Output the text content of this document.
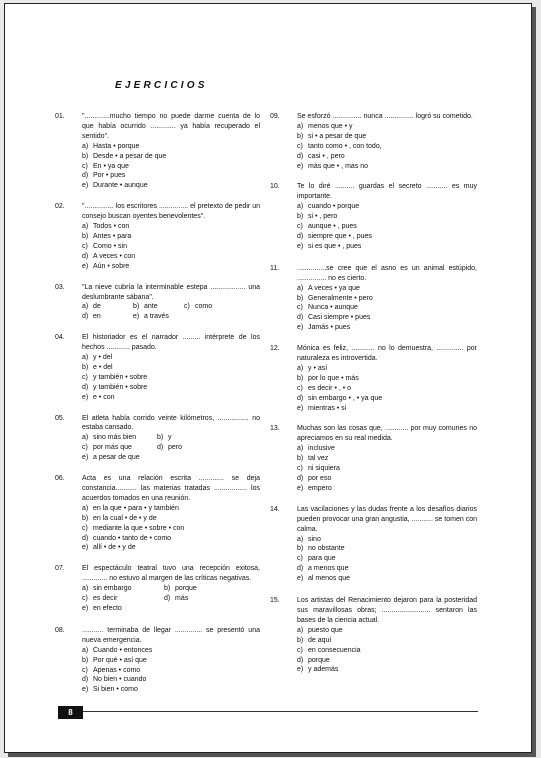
EJERCICIOS
01. ".............mucho tiempo no puede darme cuenta de lo que había ocurrido ............. ya había recuperado el sentido".
a) Hasta • porque
b) Desde • a pesar de que
c) En • ya que
d) Por • pues
e) Durante • aunque
02. "............... los escritores ............... el pretexto de pedir un consejo buscan oyentes benevolentes".
a) Todos • con
b) Antes • para
c) Como • sin
d) A veces • con
e) Aún • sobre
03. "La nieve cubría la interminable estepa .................. una deslumbrante sábana".
a) de	b) ante	c) como
d) en	e) a través
04. El historiador es el narrador ......... intérprete de los hechos ............ pasado.
a) y • del
b) e • del
c) y también • sobre
d) y también • sobre
e) e • con
05. El atleta había corrido veinte kilómetros, ................ no estaba cansado.
a) sino más bien	b) y
c) por más que	d) pero
e) a pesar de que
06. Acta es una relación escrita ............. se deja constancia........... las materias tratadas ................. los acuerdos tomados en una reunión.
a) en la que • para • y también
b) en la cual • de • y de
c) mediante la que • sobre • con
d) cuando • tanto de • como
e) allí • de • y de
07. El espectáculo teatral tuvo una recepción exitosa, ............. no estuvo al margen de las críticas negativas.
a) sin embargo	b) porque
c) es decir	d) más
e) en efecto
08. ........... terminaba de llegar .............. se presentó una nueva emergencia.
a) Cuando • entonces
b) Por qué • así que
c) Apenas • como
d) No bien • cuando
e) Si bien • como
09. Se esforzó ............... nunca ............... logró su cometido.
a) menos que • y
b) si • a pesar de que
c) tanto como • , con todo,
d) casi • , pero
e) más que • , mas no
10. Te lo diré .......... guardas el secreto ........... es muy importante.
a) cuando • porque
b) si • , pero
c) aunque • , pues
d) siempre que • , pues
e) si es que • , pues
11.	...............se cree que el asno es un animal estúpido, ............... no es cierto.
a) A veces • ya que
b) Generalmente • pero
c) Nunca • aunque
d) Casi siempre • pues
e) Jamás • pues
12. Mónica es feliz, ............ no lo demuestra, .............. por naturaleza es introvertida.
a) y • así
b) por lo que • más
c) es decir • , • o
d) sin embargo • , • ya que
e) mientras • si
13. Muchas son las cosas que, ............ por muy comunes no apreciamos en su real medida.
a) inclusive
b) tal vez
c) ni siquiera
d) por eso
e) empero
14. Las vacilaciones y las dudas frente a los desafíos diarios pueden provocar una gran angustia, ........... se tomen con calma.
a) sino
b) no obstante
c) para que
d) a menos que
e) al menos que
15. Los artistas del Renacimiento dejaron para la posteridad sus maravillosas obras; ......................... sentaron las bases de la ciencia actual.
a) puesto que
b) de aquí
c) en consecuencia
d) porque
e) y además
8
